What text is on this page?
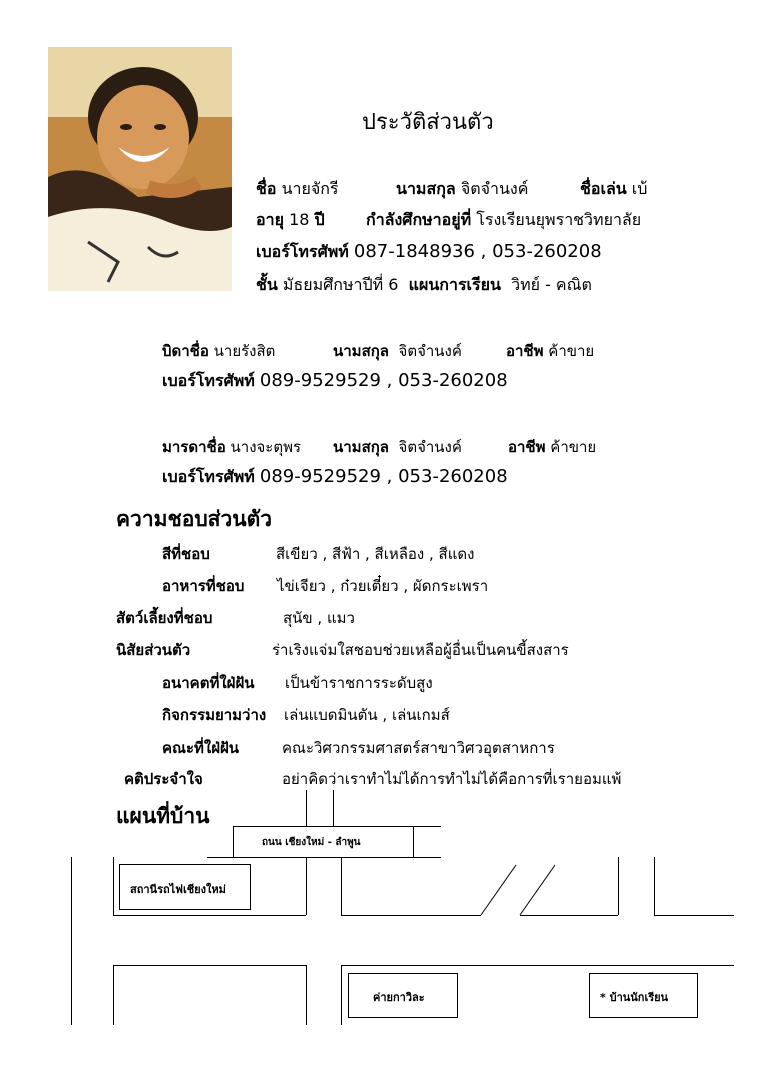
ประวัติส่วนตัว
ชื่อ นายจักรี	นามสกุล จิตจำนงค์	ชื่อเล่น เบ้
อายุ 18 ปี	กำลังศึกษาอยู่ที่ โรงเรียนยุพราชวิทยาลัย
เบอร์โทรศัพท์ 087-1848936 , 053-260208
ชั้น มัธยมศึกษาปีที่ 6 แผนการเรียน วิทย์ - คณิต
บิดาชื่อ นายรังสิต	นามสกุล จิตจำนงค์	อาชีพ ค้าขาย
เบอร์โทรศัพท์ 089-9529529 , 053-260208
มารดาชื่อ นางจะตุพร นามสกุล จิตจำนงค์	อาชีพ ค้าขาย
เบอร์โทรศัพท์ 089-9529529 , 053-260208
ความชอบส่วนตัว
สีที่ชอบ	สีเขียว , สีฟ้า , สีเหลือง , สีแดง
อาหารที่ชอบ ไข่เจียว , ก๋วยเตี๋ยว , ผัดกระเพรา
สัตว์เลี้ยงที่ชอบ	สุนัข , แมว
นิสัยส่วนตัว	ร่าเริงแจ่มใสชอบช่วยเหลือผู้อื่นเป็นคนขี้สงสาร
อนาคตที่ใฝ่ฝัน เป็นข้าราชการระดับสูง
กิจกรรมยามว่าง เล่นแบดมินตัน , เล่นเกมส์
คณะที่ใฝ่ฝัน	คณะวิศวกรรมศาสตร์สาขาวิศวอุตสาหการ
คติประจำใจ	อย่าคิดว่าเราทำไม่ได้การทำไม่ได้คือการที่เรายอมแพ้
แผนที่บ้าน
ถนน เชียงใหม่ - ลำพูน
สถานีรถไฟเชียงใหม่
ค่ายกาวิละ	* บ้านนักเรียน
